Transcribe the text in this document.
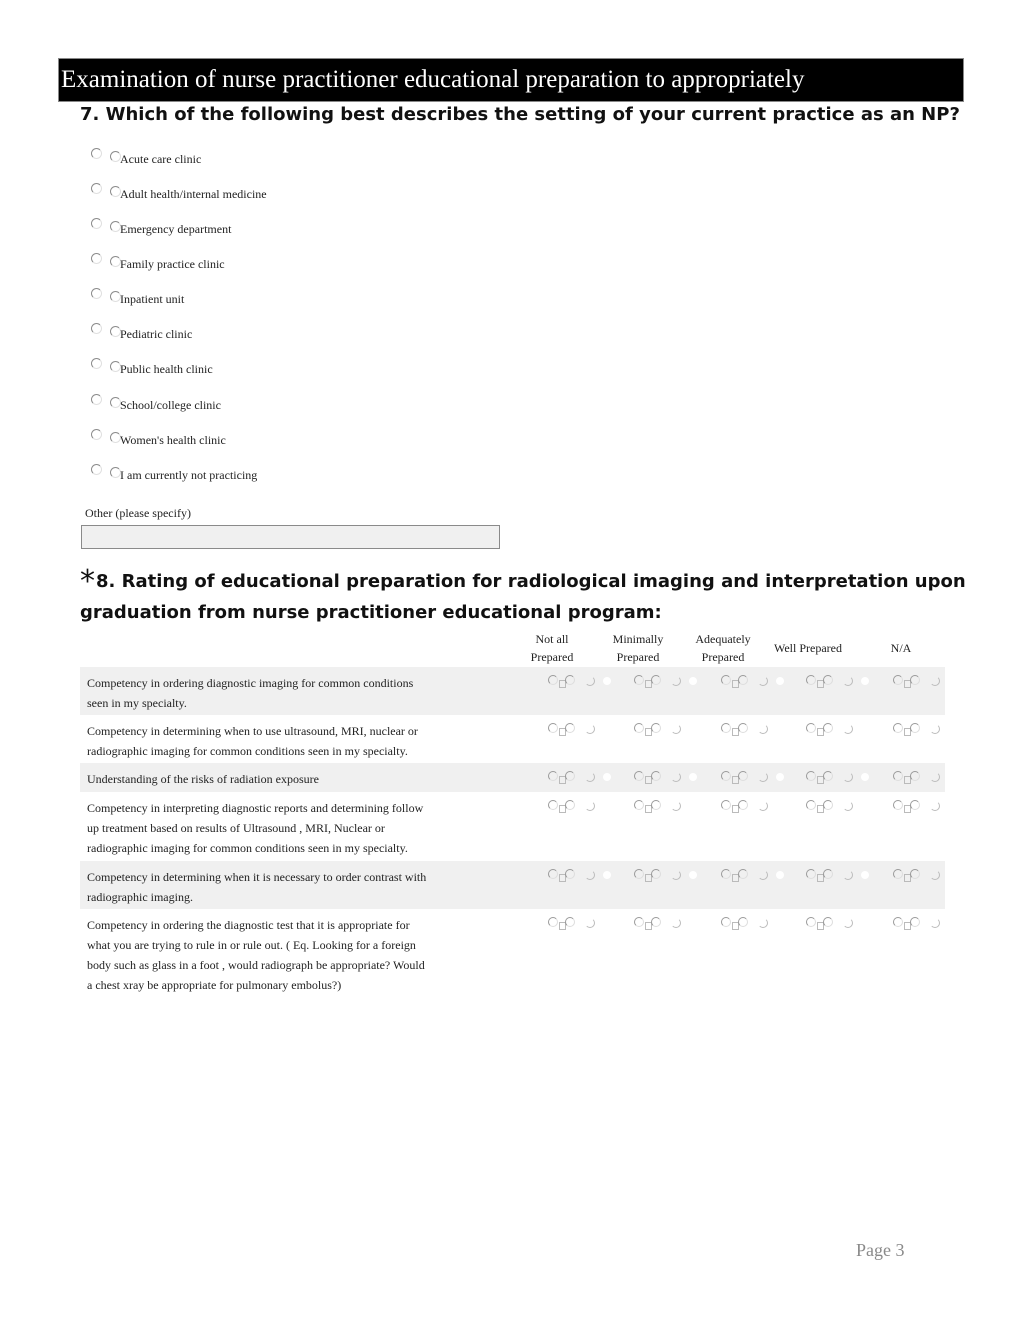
Examination of nurse practitioner educational preparation to appropriately
7. Which of the following best describes the setting of your current practice as an NP?
Acute care clinic
Adult health/internal medicine
Emergency department
Family practice clinic
Inpatient unit
Pediatric clinic
Public health clinic
School/college clinic
Women's health clinic
I am currently not practicing
Other (please specify)
*8. Rating of educational preparation for radiological imaging and interpretation upon
graduation from nurse practitioner educational program:
Not all
Prepared
Minimally
Prepared
Adequately
Prepared
Well Prepared	N/A
Competency in ordering diagnostic imaging for common conditions
seen in my specialty.
Competency in determining when to use ultrasound, MRI, nuclear or
radiographic imaging for common conditions seen in my specialty.
Understanding of the risks of radiation exposure
Competency in interpreting diagnostic reports and determining follow
up treatment based on results of Ultrasound , MRI, Nuclear or
radiographic imaging for common conditions seen in my specialty.
Competency in determining when it is necessary to order contrast with
radiographic imaging.
Competency in ordering the diagnostic test that it is appropriate for
what you are trying to rule in or rule out. ( Eq. Looking for a foreign
body such as glass in a foot , would radiograph be appropriate? Would
a chest xray be appropriate for pulmonary embolus?)
Page 3
